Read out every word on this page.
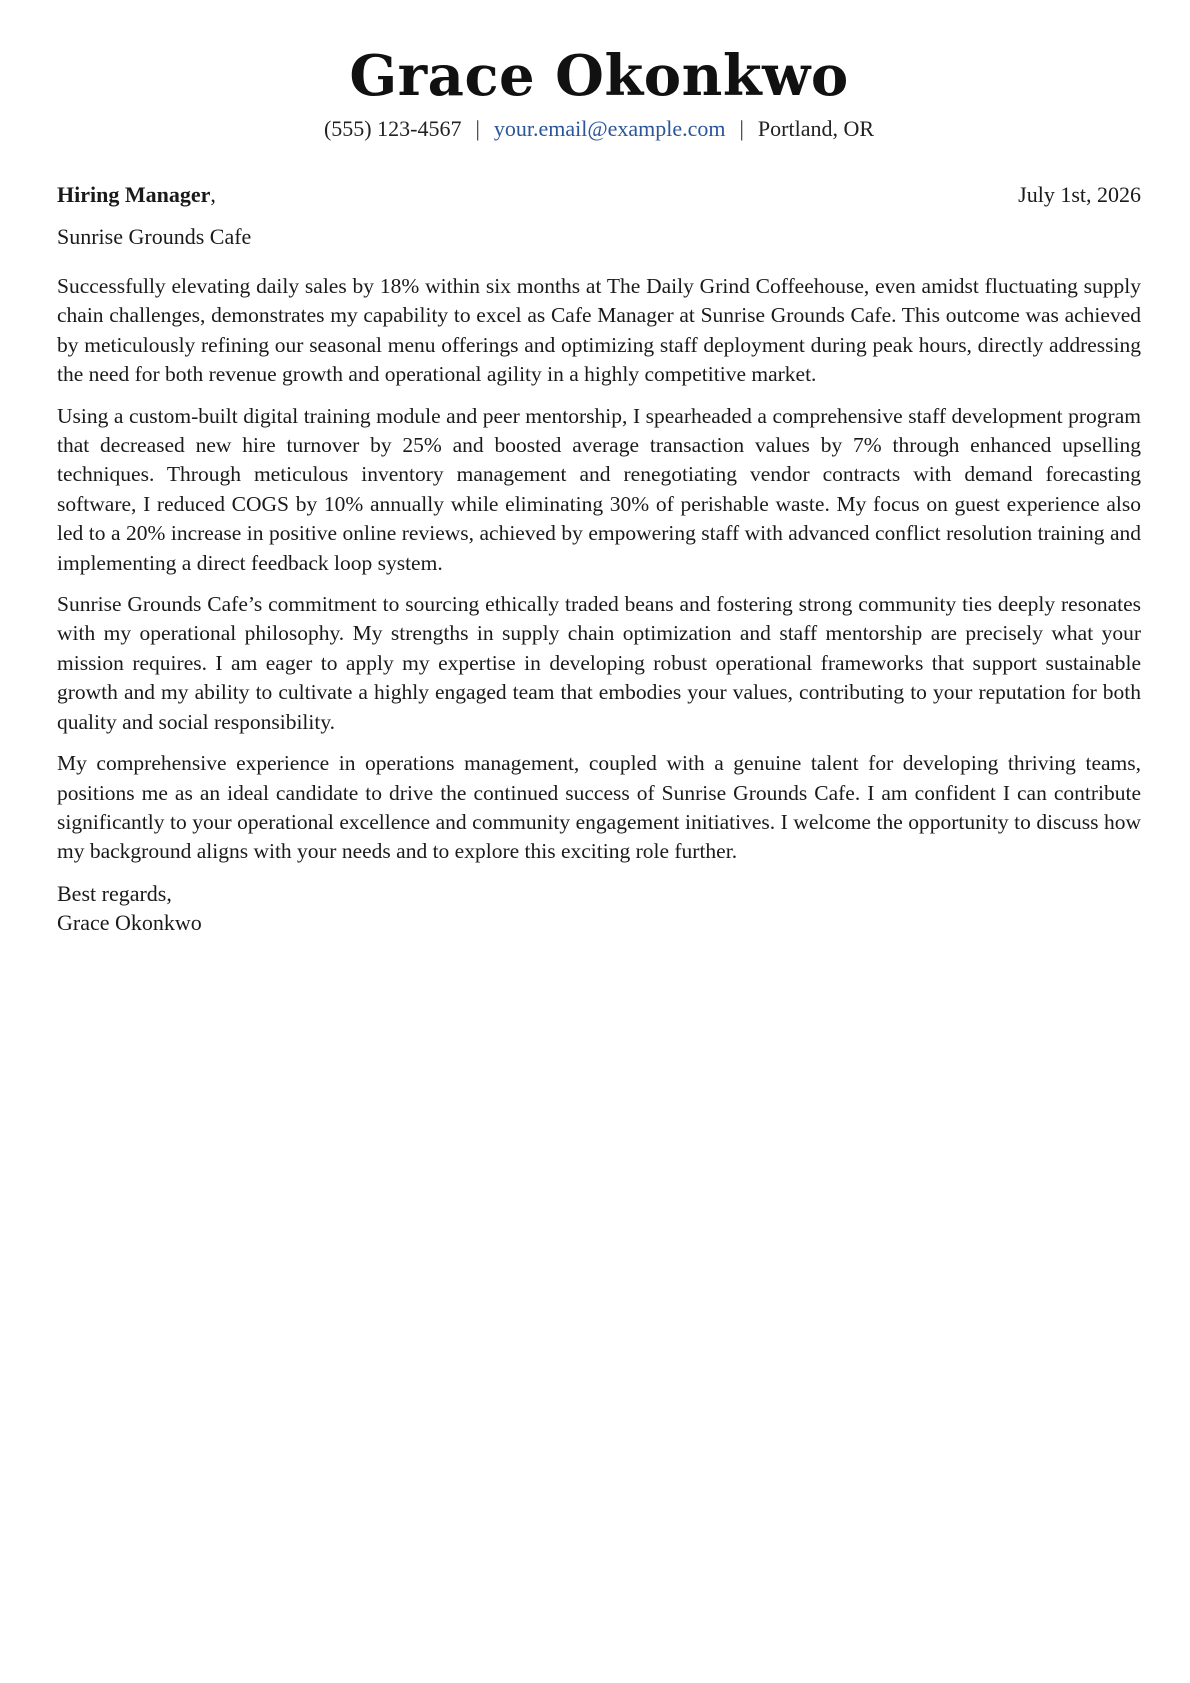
Grace Okonkwo
(555) 123-4567 | your.email@example.com | Portland, OR
Hiring Manager,	July 1st, 2026
Sunrise Grounds Cafe

Successfully elevating daily sales by 18% within six months at The Daily Grind Coffeehouse, even amidst fluctuating supply chain challenges, demonstrates my capability to excel as Cafe Manager at Sunrise Grounds Cafe. This outcome was achieved by meticulously refining our seasonal menu offerings and optimizing staff deployment during peak hours, directly addressing the need for both revenue growth and operational agility in a highly competitive market.

Using a custom-built digital training module and peer mentorship, I spearheaded a comprehensive staff development program that decreased new hire turnover by 25% and boosted average transaction values by 7% through enhanced upselling techniques. Through meticulous inventory management and renegotiating vendor contracts with demand forecasting software, I reduced COGS by 10% annually while eliminating 30% of perishable waste. My focus on guest experience also led to a 20% increase in positive online reviews, achieved by empowering staff with advanced conflict resolution training and implementing a direct feedback loop system.

Sunrise Grounds Cafe’s commitment to sourcing ethically traded beans and fostering strong community ties deeply resonates with my operational philosophy. My strengths in supply chain optimization and staff mentorship are precisely what your mission requires. I am eager to apply my expertise in developing robust operational frameworks that support sustainable growth and my ability to cultivate a highly engaged team that embodies your values, contributing to your reputation for both quality and social responsibility.

My comprehensive experience in operations management, coupled with a genuine talent for developing thriving teams, positions me as an ideal candidate to drive the continued success of Sunrise Grounds Cafe. I am confident I can contribute significantly to your operational excellence and community engagement initiatives. I welcome the opportunity to discuss how my background aligns with your needs and to explore this exciting role further.

Best regards,
Grace Okonkwo
